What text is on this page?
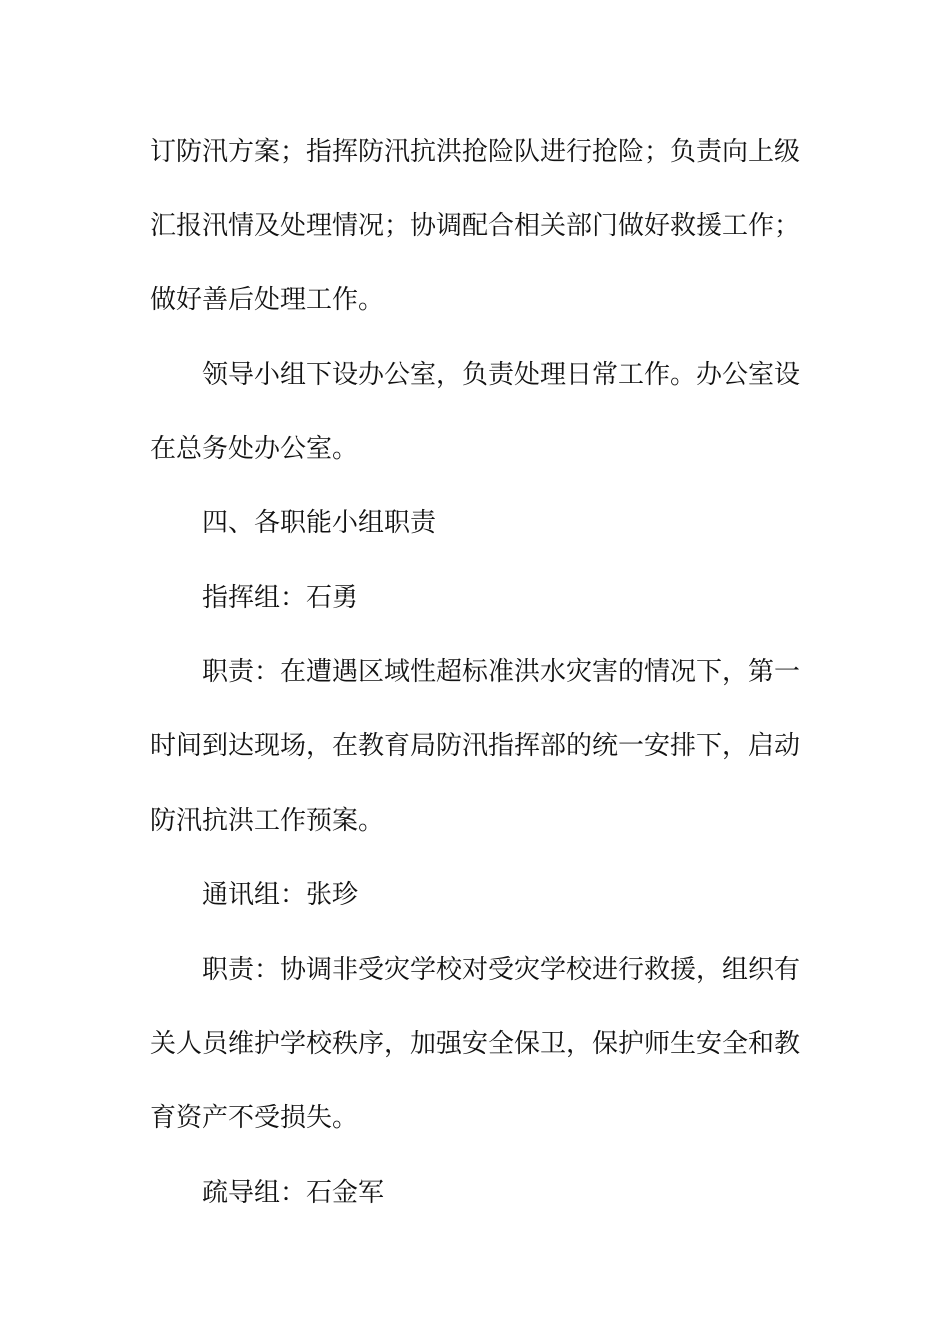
订防汛方案；指挥防汛抗洪抢险队进行抢险；负责向上级
汇报汛情及处理情况；协调配合相关部门做好救援工作；
做好善后处理工作。
领导小组下设办公室，负责处理日常工作。办公室设
在总务处办公室。
四、各职能小组职责
指挥组：石勇
职责：在遭遇区域性超标准洪水灾害的情况下，第一
时间到达现场，在教育局防汛指挥部的统一安排下，启动
防汛抗洪工作预案。
通讯组：张珍
职责：协调非受灾学校对受灾学校进行救援，组织有
关人员维护学校秩序，加强安全保卫，保护师生安全和教
育资产不受损失。
疏导组：石金军
